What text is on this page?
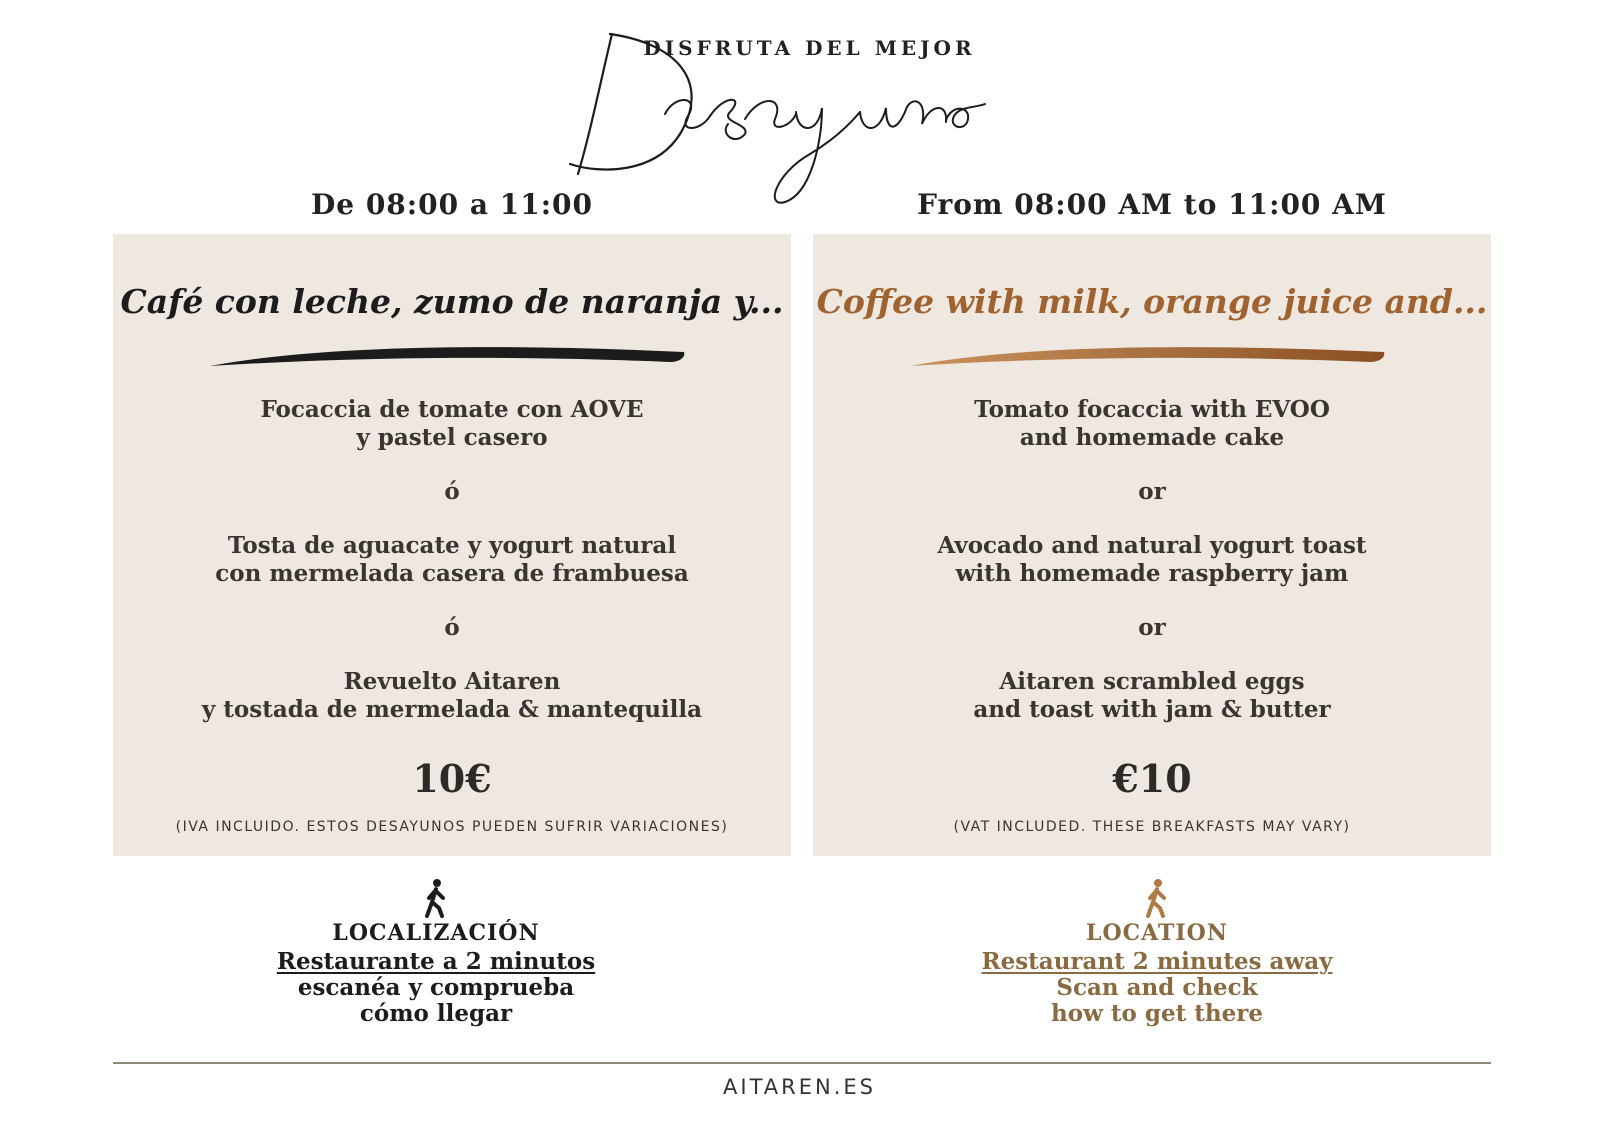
DISFRUTA DEL MEJOR
De 08:00 a 11:00	From 08:00 AM to 11:00 AM
Café con leche, zumo de naranja y...
Focaccia de tomate con AOVE
y pastel casero
ó
Tosta de aguacate y yogurt natural
con mermelada casera de frambuesa
ó
Revuelto Aitaren
y tostada de mermelada & mantequilla
10€
(IVA INCLUIDO. ESTOS DESAYUNOS PUEDEN SUFRIR VARIACIONES)
Coffee with milk, orange juice and...
Tomato focaccia with EVOO
and homemade cake
or
Avocado and natural yogurt toast
with homemade raspberry jam
or
Aitaren scrambled eggs
and toast with jam & butter
€10
(VAT INCLUDED. THESE BREAKFASTS MAY VARY)
LOCALIZACIÓN
Restaurante a 2 minutos
escanéa y comprueba
cómo llegar
LOCATION
Restaurant 2 minutes away
Scan and check
how to get there
AITAREN.ES
